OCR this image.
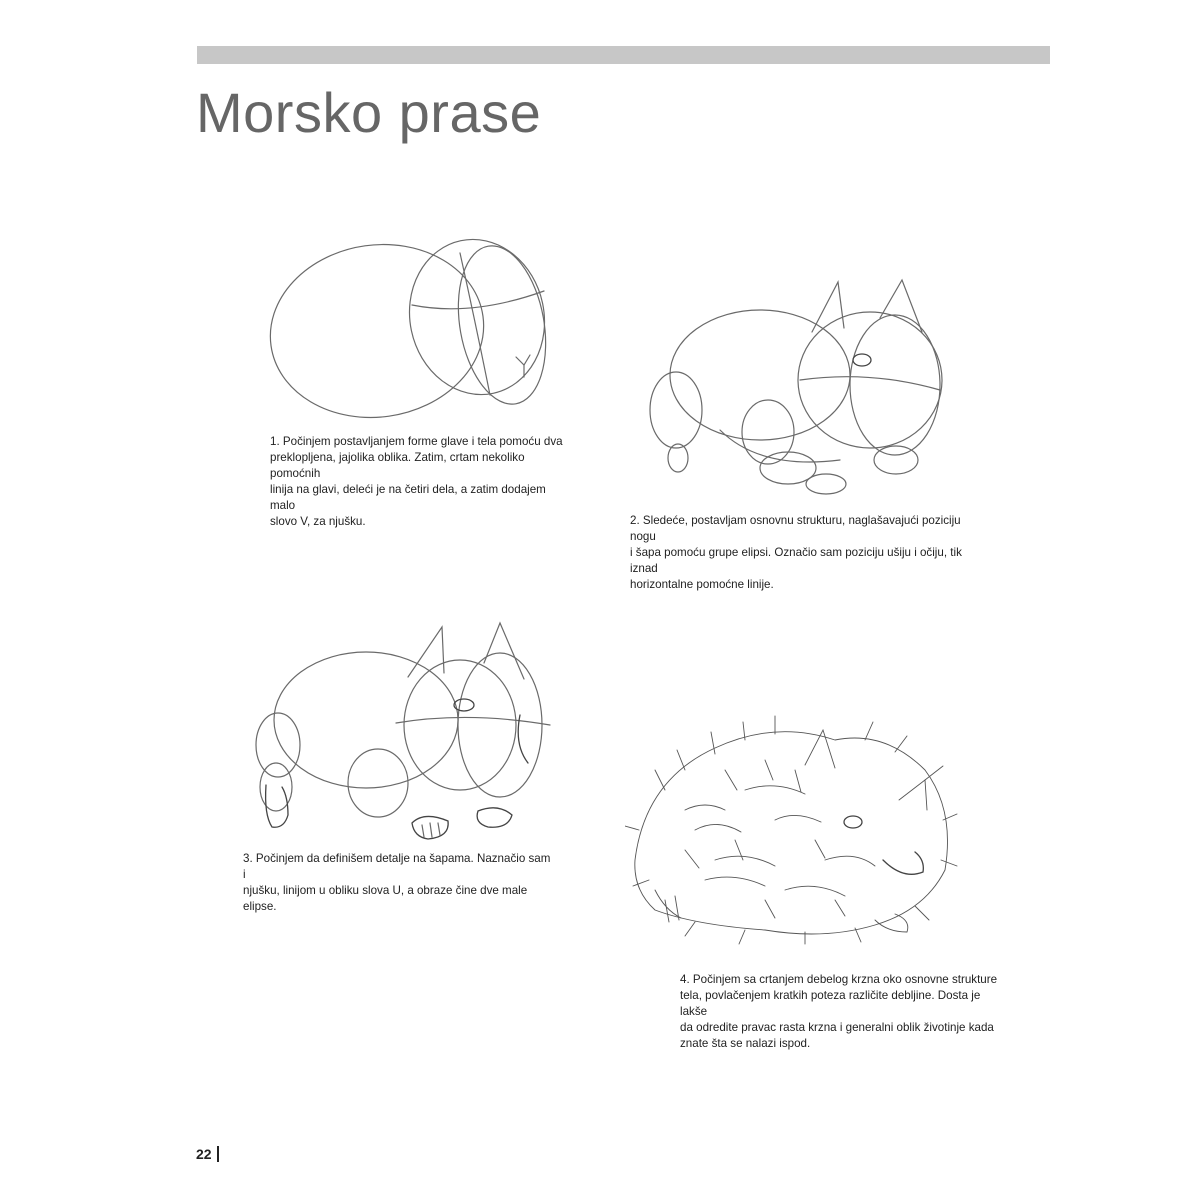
Morsko prase
1. Počinjem postavljanjem forme glave i tela pomoću dva
preklopljena, jajolika oblika. Zatim, crtam nekoliko pomoćnih
linija na glavi, deleći je na četiri dela, a zatim dodajem malo
slovo V, za njušku.	2. Sledeće, postavljam osnovnu strukturu, naglašavajući poziciju nogu
i šapa pomoću grupe elipsi. Označio sam poziciju ušiju i očiju, tik iznad
horizontalne pomoćne linije.
3. Počinjem da definišem detalje na šapama. Naznačio sam i
njušku, linijom u obliku slova U, a obraze čine dve male elipse.
4. Počinjem sa crtanjem debelog krzna oko osnovne strukture
tela, povlačenjem kratkih poteza različite debljine. Dosta je lakše
da odredite pravac rasta krzna i generalni oblik životinje kada
znate šta se nalazi ispod.
22
